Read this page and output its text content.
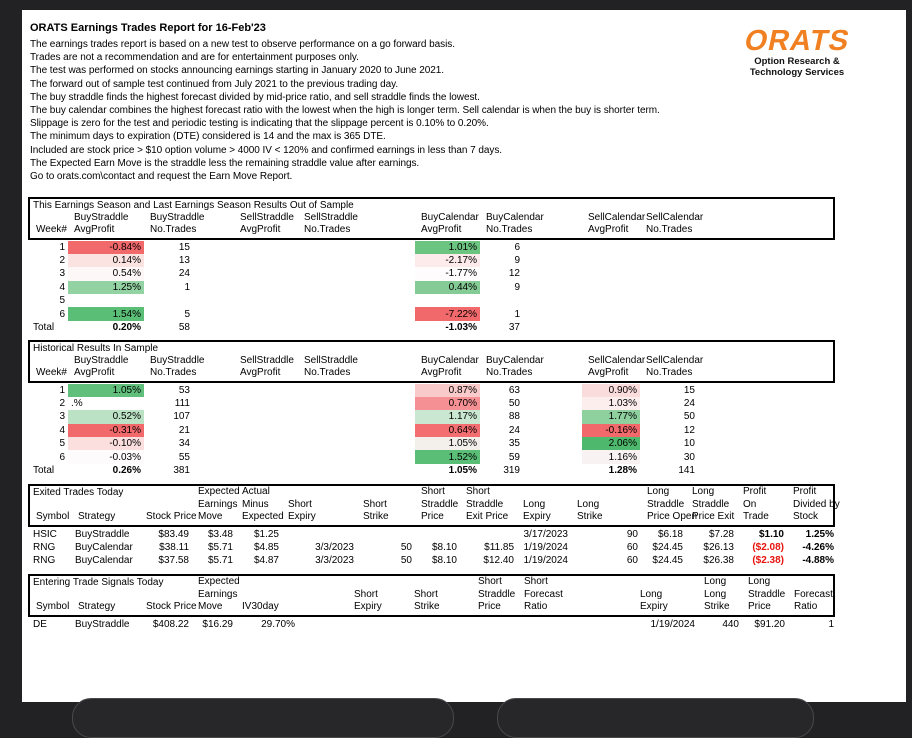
ORATS Earnings Trades Report for 16-Feb'23

The earnings trades report is based on a new test to observe performance on a go forward basis.

Trades are not a recommendation and are for entertainment purposes only.

The test was performed on stocks announcing earnings starting in January 2020 to June 2021.

The forward out of sample test continued from July 2021 to the previous trading day.

The buy straddle finds the highest forecast divided by mid-price ratio, and sell straddle finds the lowest.

The buy calendar combines the highest forecast ratio with the lowest when the high is longer term. Sell calendar is when the buy is shorter term.

Slippage is zero for the test and periodic testing is indicating that the slippage percent is 0.10% to 0.20%.

The minimum days to expiration (DTE) considered is 14 and the max is 365 DTE.

Included are stock price > $10 option volume > 4000 IV < 120% and confirmed earnings in less than 7 days.

The Expected Earn Move is the straddle less the remaining straddle value after earnings.

Go to orats.com\contact and request the Earn Move Report.

ORATS
Option Research &
Technology Services
This Earnings Season and Last Earnings Season Results Out of Sample

	BuyStraddle	BuyStraddle		SellStraddle	SellStraddle		BuyCalendar	BuyCalendar		SellCalendar	SellCalendar	
Week#	AvgProfit	No.Trades		AvgProfit	No.Trades		AvgProfit	No.Trades		AvgProfit	No.Trades	
1	-0.84%	15					1.01%	6				
2	0.14%	13					-2.17%	9				
3	0.54%	24					-1.77%	12				
4	1.25%	1					0.44%	9				
5												
6	1.54%	5					-7.22%	1				
Total	0.20%	58					-1.03%	37				
Historical Results In Sample

	BuyStraddle	BuyStraddle		SellStraddle	SellStraddle		BuyCalendar	BuyCalendar		SellCalendar	SellCalendar	
Week#	AvgProfit	No.Trades		AvgProfit	No.Trades		AvgProfit	No.Trades		AvgProfit	No.Trades	
1	1.05%	53					0.87%	63		0.90%	15	
2	.%	111					0.70%	50		1.03%	24	
3	0.52%	107					1.17%	88		1.77%	50	
4	-0.31%	21					0.64%	24		-0.16%	12	
5	-0.10%	34					1.05%	35		2.06%	10	
6	-0.03%	55					1.52%	59		1.16%	30	
Total	0.26%	381					1.05%	319		1.28%	141	
Exited Trades Today
				Expected	Actual			Short	Short			Long	Long	Profit	Profit
			Earnings	Minus	Short	Short	Straddle	Straddle	Long	Long	Straddle	Straddle	On	Divided by
Symbol	Strategy	Stock Price	Move	Expected	Expiry	Strike	Price	Exit Price	Expiry	Strike	Price Open	Price Exit	Trade	Stock
HSIC	BuyStraddle	$83.49	$3.48	$1.25					3/17/2023	90	$6.18	$7.28	$1.10	1.25%
RNG	BuyCalendar	$38.11	$5.71	$4.85	3/3/2023	50	$8.10	$11.85	1/19/2024	60	$24.45	$26.13	($2.08)	-4.26%
RNG	BuyCalendar	$37.58	$5.71	$4.87	3/3/2023	50	$8.10	$12.40	1/19/2024	60	$24.45	$26.38	($2.38)	-4.88%
Entering Trade Signals Today
				Expected					Short	Short			Long	Long	
			Earnings			Short	Short	Straddle	Forecast		Long	Long	Straddle	Forecast
Symbol	Strategy	Stock Price	Move	IV30day		Expiry	Strike	Price	Ratio		Expiry	Strike	Price	Ratio
DE	BuyStraddle	$408.22	$16.29	29.70%							1/19/2024	440	$91.20	1
